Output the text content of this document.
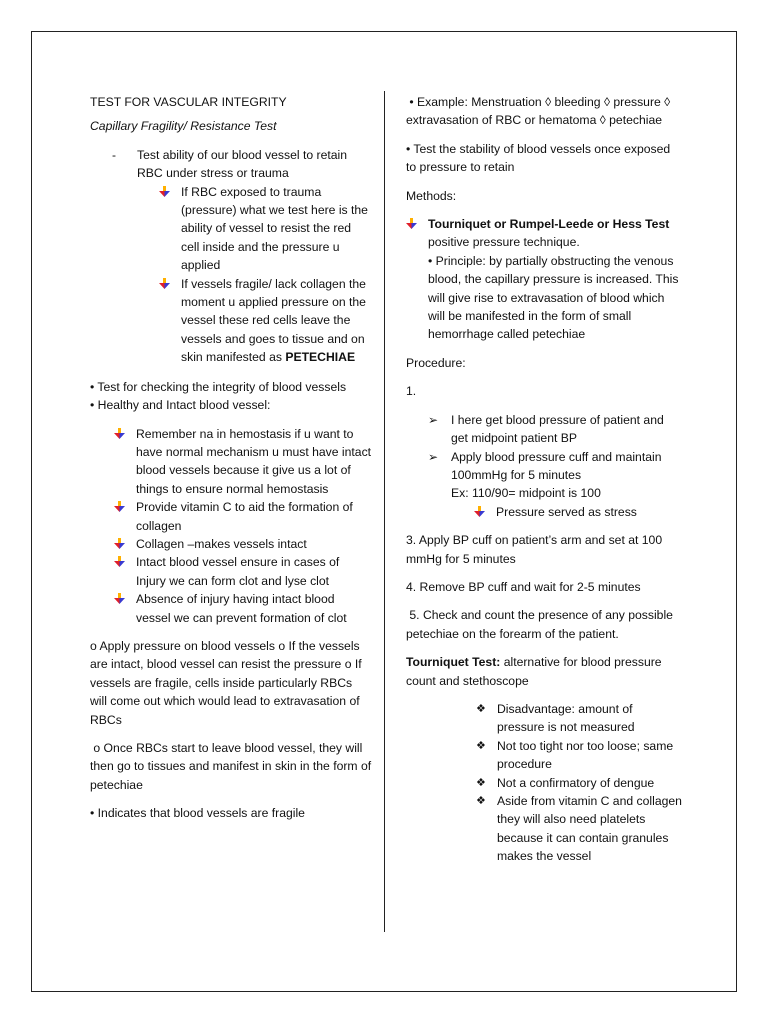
TEST FOR VASCULAR INTEGRITY

Capillary Fragility/ Resistance Test

- Test ability of our blood vessel to retain RBC under stress or trauma
If RBC exposed to trauma (pressure) what we test here is the ability of vessel to resist the red cell inside and the pressure u applied
If vessels fragile/ lack collagen the moment u applied pressure on the vessel these red cells leave the vessels and goes to tissue and on skin manifested as PETECHIAE

• Test for checking the integrity of blood vessels

• Healthy and Intact blood vessel:

Remember na in hemostasis if u want to have normal mechanism u must have intact blood vessels because it give us a lot of things to ensure normal hemostasis
Provide vitamin C to aid the formation of collagen
Collagen –makes vessels intact
Intact blood vessel ensure in cases of Injury we can form clot and lyse clot
Absence of injury having intact blood vessel we can prevent formation of clot

o Apply pressure on blood vessels o If the vessels are intact, blood vessel can resist the pressure o If vessels are fragile, cells inside particularly RBCs will come out which would lead to extravasation of RBCs

o Once RBCs start to leave blood vessel, they will then go to tissues and manifest in skin in the form of petechiae

• Indicates that blood vessels are fragile

• Example: Menstruation ◊ bleeding ◊ pressure ◊ extravasation of RBC or hematoma ◊ petechiae

• Test the stability of blood vessels once exposed to pressure to retain

Methods:

Tourniquet or Rumpel-Leede or Hess Test

positive pressure technique.

• Principle: by partially obstructing the venous blood, the capillary pressure is increased. This will give rise to extravasation of blood which will be manifested in the form of small hemorrhage called petechiae

Procedure:

1.

➢ I here get blood pressure of patient and get midpoint patient BP
➢ Apply blood pressure cuff and maintain 100mmHg for 5 minutes

Ex: 110/90= midpoint is 100

Pressure served as stress

3. Apply BP cuff on patient’s arm and set at 100 mmHg for 5 minutes

4. Remove BP cuff and wait for 2-5 minutes

5. Check and count the presence of any possible petechiae on the forearm of the patient.

Tourniquet Test: alternative for blood pressure count and stethoscope

❖ Disadvantage: amount of pressure is not measured
❖ Not too tight nor too loose; same procedure
❖ Not a confirmatory of dengue
❖ Aside from vitamin C and collagen they will also need platelets because it can contain granules makes the vessel
